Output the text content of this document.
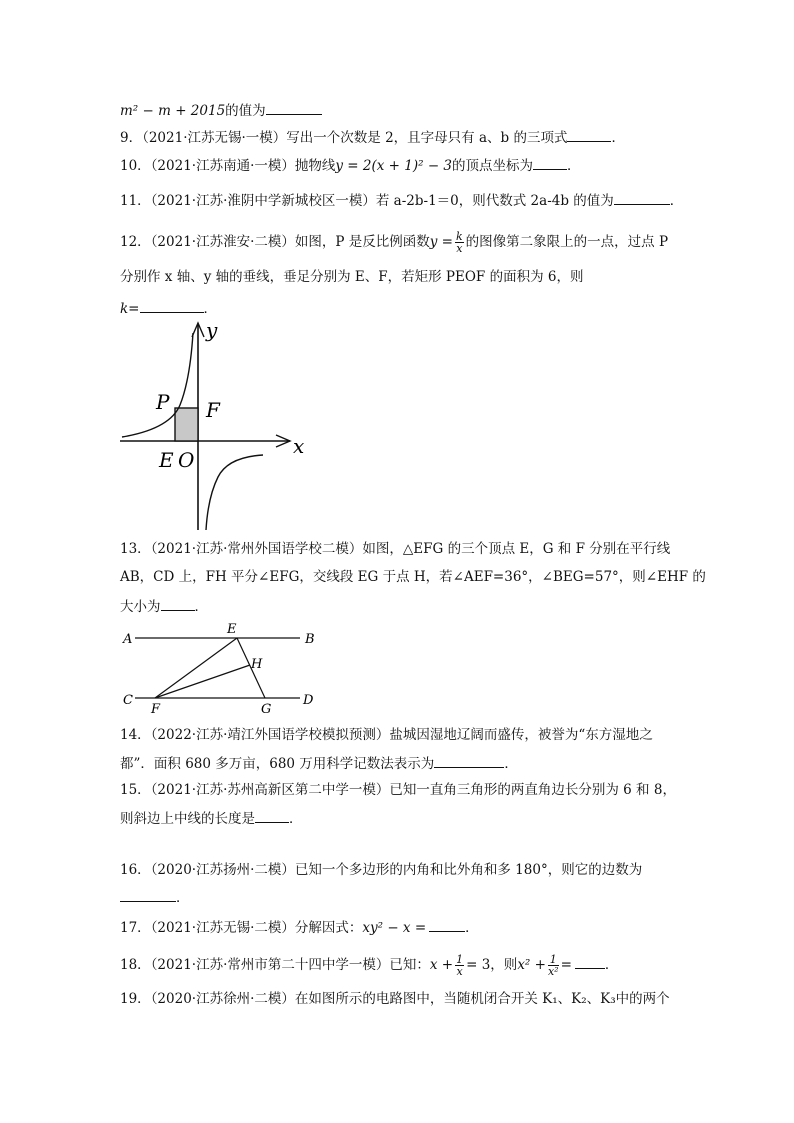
m² − m + 2015的值为
9．（2021·江苏无锡·一模）写出一个次数是 2，且字母只有 a、b 的三项式	．
10．（2021·江苏南通·一模）抛物线y = 2(x + 1)² − 3的顶点坐标为	．
11．（2021·江苏·淮阴中学新城校区一模）若 a-2b-1＝0，则代数式 2a-4b 的值为	．
12．（2021·江苏淮安·二模）如图，P 是反比例函数$y = \frac{k}{x}$ 的图像第二象限上的一点，过点 P
分别作 x 轴、y 轴的垂线，垂足分别为 E、F，若矩形 PEOF 的面积为 6，则
k=	．
y
x
P F
E O
13．（2021·江苏·常州外国语学校二模）如图，△EFG 的三个顶点 E，G 和 F 分别在平行线
AB，CD 上，FH 平分∠EFG，交线段 EG 于点 H，若∠AEF=36°，∠BEG=57°，则∠EHF 的
大小为	．
A	B
C	D
E
F	G
H
14．（2022·江苏·靖江外国语学校模拟预测）盐城因湿地辽阔而盛传，被誉为“东方湿地之
都”．面积 680 多万亩，680 万用科学记数法表示为	．
15．（2021·江苏·苏州高新区第二中学一模）已知一直角三角形的两直角边长分别为 6 和 8，
则斜边上中线的长度是	．
16．（2020·江苏扬州·二模）已知一个多边形的内角和比外角和多 180°，则它的边数为
．
17．（2021·江苏无锡·二模）分解因式：xy² − x =	．
18．（2021·江苏·常州市第二十四中学一模）已知：$x + \frac{1}{x} = 3$，则$x^2 + \frac{1}{\text{x²}}$ = ．
19．（2020·江苏徐州·二模）在如图所示的电路图中，当随机闭合开关 K₁、K₂、K₃中的两个
